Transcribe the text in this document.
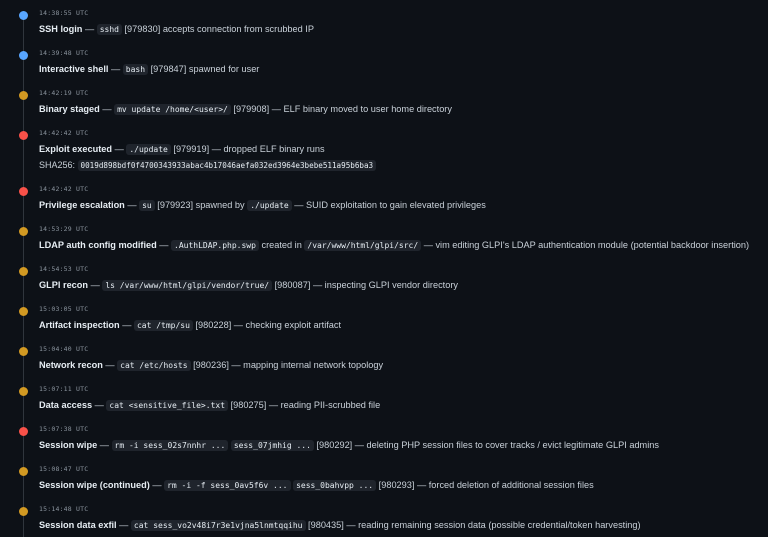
14:38:55 UTC
SSH login — sshd [979830] accepts connection from scrubbed IP
14:39:48 UTC
Interactive shell — bash [979847] spawned for user
14:42:19 UTC
Binary staged — mv update /home/<user>/ [979908] — ELF binary moved to user home directory
14:42:42 UTC
Exploit executed — ./update [979919] — dropped ELF binary runs
SHA256: 0019d898bdf0f4700343933abac4b17046aefa032ed3964e3bebe511a95b6ba3
14:42:42 UTC
Privilege escalation — su [979923] spawned by ./update — SUID exploitation to gain elevated privileges
14:53:29 UTC
LDAP auth config modified — .AuthLDAP.php.swp created in /var/www/html/glpi/src/ — vim editing GLPI's LDAP authentication module (potential backdoor insertion)
14:54:53 UTC
GLPI recon — ls /var/www/html/glpi/vendor/true/ [980087] — inspecting GLPI vendor directory
15:03:05 UTC
Artifact inspection — cat /tmp/su [980228] — checking exploit artifact
15:04:40 UTC
Network recon — cat /etc/hosts [980236] — mapping internal network topology
15:07:11 UTC
Data access — cat <sensitive_file>.txt [980275] — reading PII-scrubbed file
15:07:38 UTC
Session wipe — rm -i sess_02s7nnhr ... sess_07jmhig ... [980292] — deleting PHP session files to cover tracks / evict legitimate GLPI admins
15:08:47 UTC
Session wipe (continued) — rm -i -f sess_0av5f6v ... sess_0bahvpp ... [980293] — forced deletion of additional session files
15:14:48 UTC
Session data exfil — cat sess_vo2v48i7r3e1vjna5lnmtqqihu [980435] — reading remaining session data (possible credential/token harvesting)
